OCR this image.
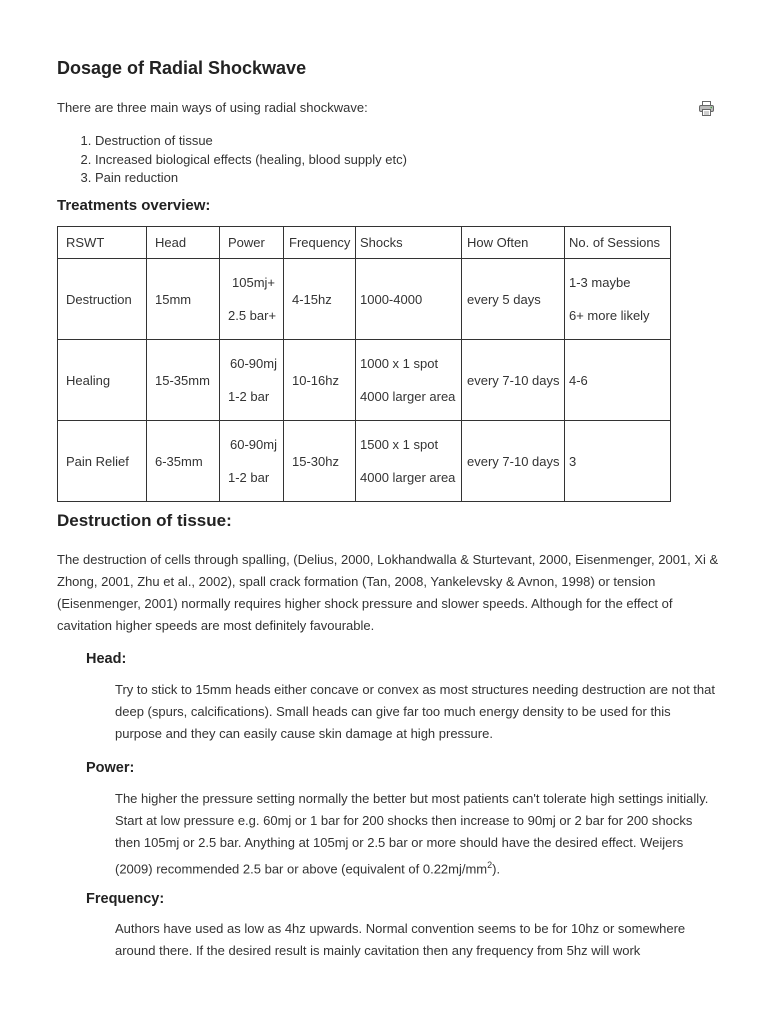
Dosage of Radial Shockwave

There are three main ways of using radial shockwave:

1. Destruction of tissue
2. Increased biological effects (healing, blood supply etc)
3. Pain reduction
Treatments overview:
RSWT	Head	Power	Frequency	Shocks	How Often	No. of Sessions
Destruction	15mm	105mj+
2.5 bar+	4-15hz	1000-4000	every 5 days	1-3 maybe
6+ more likely

Healing	15-35mm	60-90mj
1-2 bar	10-16hz	1000 x 1 spot
4000 larger area	every 7-10 days	4-6
Pain Relief	6-35mm	60-90mj
1-2 bar	15-30hz	1500 x 1 spot
4000 larger area	every 7-10 days	3
Destruction of tissue:

The destruction of cells through spalling, (Delius, 2000, Lokhandwalla & Sturtevant, 2000, Eisenmenger, 2001, Xi & Zhong, 2001, Zhu et al., 2002), spall crack formation (Tan, 2008, Yankelevsky & Avnon, 1998) or tension (Eisenmenger, 2001) normally requires higher shock pressure and slower speeds. Although for the effect of cavitation higher speeds are most definitely favourable.

Head:

Try to stick to 15mm heads either concave or convex as most structures needing destruction are not that deep (spurs, calcifications). Small heads can give far too much energy density to be used for this purpose and they can easily cause skin damage at high pressure.

Power:

The higher the pressure setting normally the better but most patients can't tolerate high settings initially. Start at low pressure e.g. 60mj or 1 bar for 200 shocks then increase to 90mj or 2 bar for 200 shocks then 105mj or 2.5 bar. Anything at 105mj or 2.5 bar or more should have the desired effect. Weijers (2009) recommended 2.5 bar or above (equivalent of $0.22mj/mm^2$).

Frequency:

Authors have used as low as 4hz upwards. Normal convention seems to be for 10hz or somewhere around there. If the desired result is mainly cavitation then any frequency from 5hz will work
